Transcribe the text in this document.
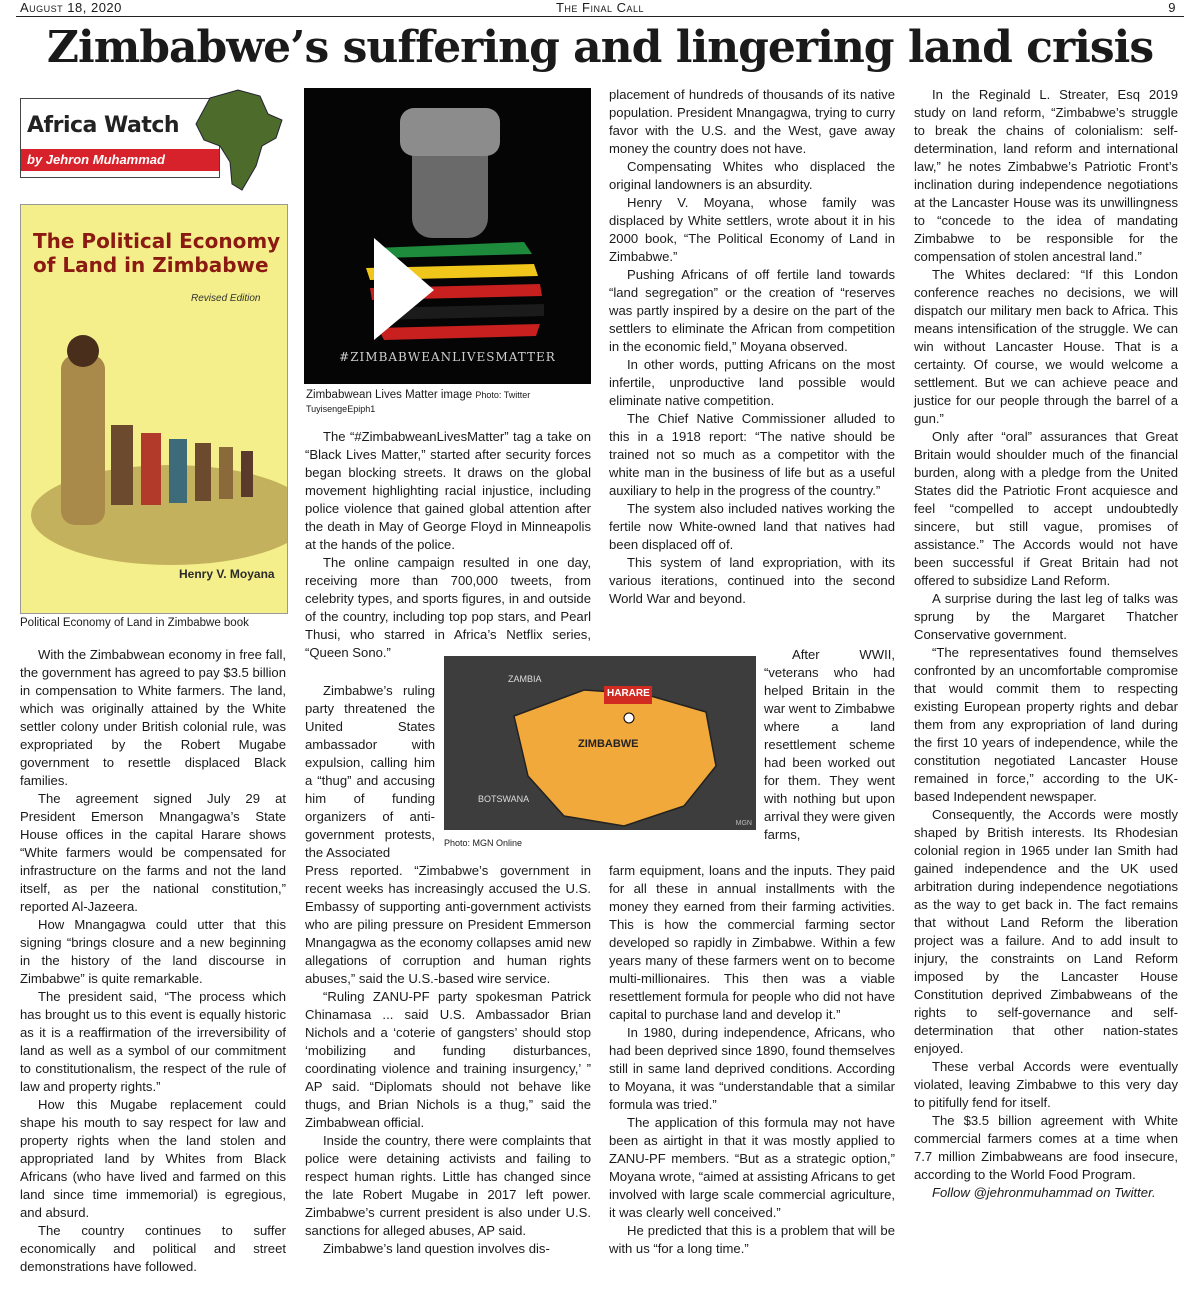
August 18, 2020	The Final Call	9
Zimbabwe’s suffering and lingering land crisis
Africa Watch
by Jehron Muhammad
The Political Economy of Land in Zimbabwe
Revised Edition
Henry V. Moyana
Political Economy of Land in Zimbabwe book
#ZIMBABWEANLIVESMATTER
Zimbabwean Lives Matter image Photo: Twitter TuyisengeEpiph1
ZAMBIA
HARARE
ZIMBABWE
BOTSWANA
MGN
Photo: MGN Online

With the Zimbabwean economy in free fall, the government has agreed to pay $3.5 billion in compensation to White farmers. The land, which was originally attained by the White settler colony under British colonial rule, was expropriated by the Robert Mugabe government to resettle displaced Black families.

The agreement signed July 29 at President Emerson Mnangagwa’s State House offices in the capital Harare shows “White farmers would be compensated for infrastructure on the farms and not the land itself, as per the national constitution,” reported Al-Jazeera.

How Mnangagwa could utter that this signing “brings closure and a new beginning in the history of the land discourse in Zimbabwe” is quite remarkable.

The president said, “The process which has brought us to this event is equally historic as it is a reaffirmation of the irreversibility of land as well as a symbol of our commitment to constitutionalism, the respect of the rule of law and property rights.”

How this Mugabe replacement could shape his mouth to say respect for law and property rights when the land stolen and appropriated land by Whites from Black Africans (who have lived and farmed on this land since time immemorial) is egregious, and absurd.

The country continues to suffer economically and political and street demonstrations have followed.

The “#ZimbabweanLivesMatter” tag a take on “Black Lives Matter,” started after security forces began blocking streets. It draws on the global movement highlighting racial injustice, including police violence that gained global attention after the death in May of George Floyd in Minneapolis at the hands of the police.

The online campaign resulted in one day, receiving more than 700,000 tweets, from celebrity types, and sports figures, in and outside of the country, including top pop stars, and Pearl Thusi, who starred in Africa’s Netflix series, “Queen Sono.”

Zimbabwe’s ruling party threatened the United States ambassador with expulsion, calling him a “thug” and accusing him of funding organizers of anti-government protests, the Associated

Press reported. “Zimbabwe’s government in recent weeks has increasingly accused the U.S. Embassy of supporting anti-government activists who are piling pressure on President Emmerson Mnangagwa as the economy collapses amid new allegations of corruption and human rights abuses,” said the U.S.-based wire service.

“Ruling ZANU-PF party spokesman Patrick Chinamasa ... said U.S. Ambassador Brian Nichols and a ‘coterie of gangsters’ should stop ‘mobilizing and funding disturbances, coordinating violence and training insurgency,’ ” AP said. “Diplomats should not behave like thugs, and Brian Nichols is a thug,” said the Zimbabwean official.

Inside the country, there were complaints that police were detaining activists and failing to respect human rights. Little has changed since the late Robert Mugabe in 2017 left power. Zimbabwe’s current president is also under U.S. sanctions for alleged abuses, AP said.

Zimbabwe’s land question involves dis-

placement of hundreds of thousands of its native population. President Mnangagwa, trying to curry favor with the U.S. and the West, gave away money the country does not have.

Compensating Whites who displaced the original landowners is an absurdity.

Henry V. Moyana, whose family was displaced by White settlers, wrote about it in his 2000 book, “The Political Economy of Land in Zimbabwe.”

Pushing Africans of off fertile land towards “land segregation” or the creation of “reserves was partly inspired by a desire on the part of the settlers to eliminate the African from competition in the economic field,” Moyana observed.

In other words, putting Africans on the most infertile, unproductive land possible would eliminate native competition.

The Chief Native Commissioner alluded to this in a 1918 report: “The native should be trained not so much as a competitor with the white man in the business of life but as a useful auxiliary to help in the progress of the country.”

The system also included natives working the fertile now White-owned land that natives had been displaced off of.

This system of land expropriation, with its various iterations, continued into the second World War and beyond.

After WWII, “veterans who had helped Britain in the war went to Zimbabwe where a land resettlement scheme had been worked out for them. They went with nothing but upon arrival they were given farms,

farm equipment, loans and the inputs. They paid for all these in annual installments with the money they earned from their farming activities. This is how the commercial farming sector developed so rapidly in Zimbabwe. Within a few years many of these farmers went on to become multi-millionaires. This then was a viable resettlement formula for people who did not have capital to purchase land and develop it.”

In 1980, during independence, Africans, who had been deprived since 1890, found themselves still in same land deprived conditions. According to Moyana, it was “understandable that a similar formula was tried.”

The application of this formula may not have been as airtight in that it was mostly applied to ZANU-PF members. “But as a strategic option,” Moyana wrote, “aimed at assisting Africans to get involved with large scale commercial agriculture, it was clearly well conceived.”

He predicted that this is a problem that will be with us “for a long time.”

In the Reginald L. Streater, Esq 2019 study on land reform, “Zimbabwe’s struggle to break the chains of colonialism: self-determination, land reform and international law,” he notes Zimbabwe’s Patriotic Front’s inclination during independence negotiations at the Lancaster House was its unwillingness to “concede to the idea of mandating Zimbabwe to be responsible for the compensation of stolen ancestral land.”

The Whites declared: “If this London conference reaches no decisions, we will dispatch our military men back to Africa. This means intensification of the struggle. We can win without Lancaster House. That is a certainty. Of course, we would welcome a settlement. But we can achieve peace and justice for our people through the barrel of a gun.”

Only after “oral” assurances that Great Britain would shoulder much of the financial burden, along with a pledge from the United States did the Patriotic Front acquiesce and feel “compelled to accept undoubtedly sincere, but still vague, promises of assistance.” The Accords would not have been successful if Great Britain had not offered to subsidize Land Reform.

A surprise during the last leg of talks was sprung by the Margaret Thatcher Conservative government.

“The representatives found themselves confronted by an uncomfortable compromise that would commit them to respecting existing European property rights and debar them from any expropriation of land during the first 10 years of independence, while the constitution negotiated Lancaster House remained in force,” according to the UK-based Independent newspaper.

Consequently, the Accords were mostly shaped by British interests. Its Rhodesian colonial region in 1965 under Ian Smith had gained independence and the UK used arbitration during independence negotiations as the way to get back in. The fact remains that without Land Reform the liberation project was a failure. And to add insult to injury, the constraints on Land Reform imposed by the Lancaster House Constitution deprived Zimbabweans of the rights to self-governance and self-determination that other nation-states enjoyed.

These verbal Accords were eventually violated, leaving Zimbabwe to this very day to pitifully fend for itself.

The $3.5 billion agreement with White commercial farmers comes at a time when 7.7 million Zimbabweans are food insecure, according to the World Food Program.

Follow @jehronmuhammad on Twitter.
